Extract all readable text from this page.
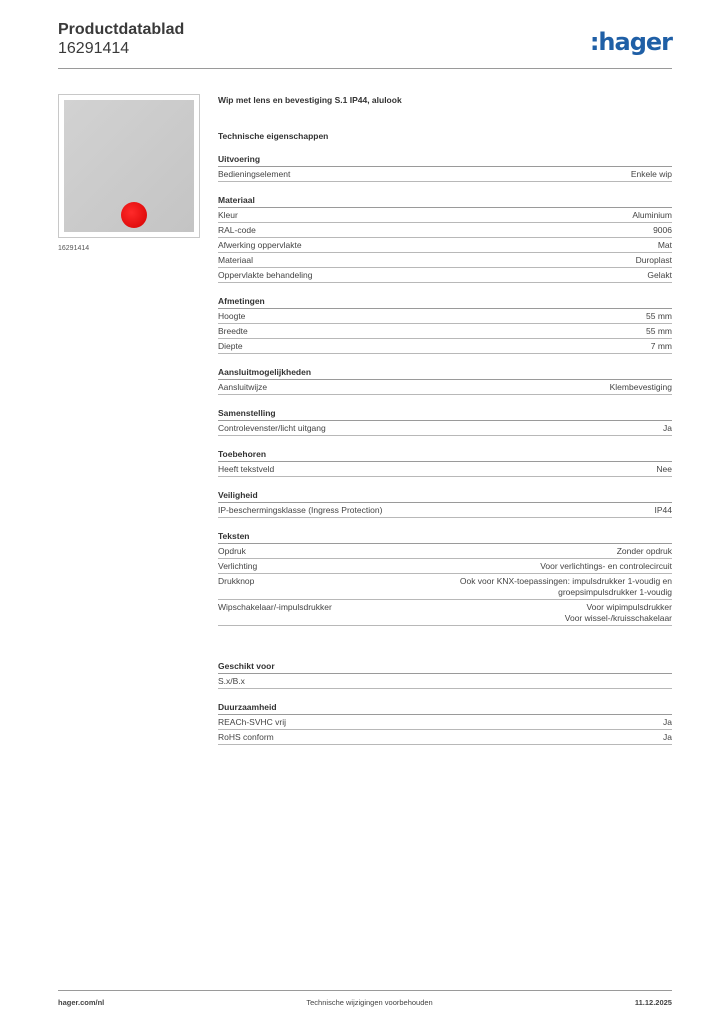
Productdatablad
16291414	:hager
16291414
Wip met lens en bevestiging S.1 IP44, alulook
Technische eigenschappen
Uitvoering
Bedieningselement	Enkele wip
Materiaal
Kleur	Aluminium
RAL-code	9006
Afwerking oppervlakte	Mat
Materiaal	Duroplast
Oppervlakte behandeling	Gelakt
Afmetingen
Hoogte	55 mm
Breedte	55 mm
Diepte	7 mm
Aansluitmogelijkheden
Aansluitwijze	Klembevestiging
Samenstelling
Controlevenster/licht uitgang	Ja
Toebehoren
Heeft tekstveld	Nee
Veiligheid
IP-beschermingsklasse (Ingress Protection)	IP44
Teksten
Opdruk	Zonder opdruk
Verlichting	Voor verlichtings- en controlecircuit
Drukknop	Ook voor KNX-toepassingen: impulsdrukker 1-voudig en
groepsimpulsdrukker 1-voudig
Wipschakelaar/-impulsdrukker	Voor wipimpulsdrukker
Voor wissel-/kruisschakelaar
Geschikt voor
S.x/B.x
Duurzaamheid
REACh-SVHC vrij	Ja
RoHS conform	Ja
hager.com/nl	Technische wijzigingen voorbehouden	11.12.2025
